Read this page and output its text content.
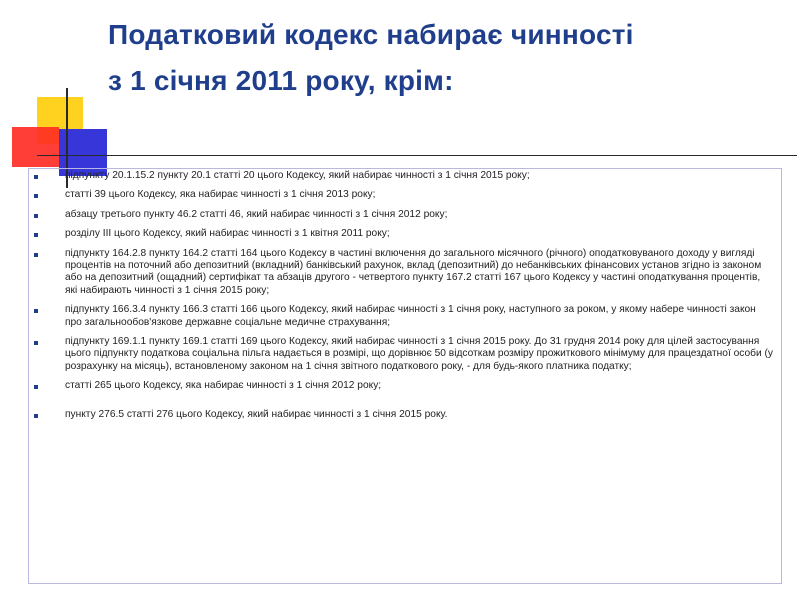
Податковий кодекс набирає чинності
з 1 січня 2011 року, крім:
підпункту 20.1.15.2 пункту 20.1 статті 20 цього Кодексу, який набирає чинності з 1 січня 2015 року;
статті 39 цього Кодексу, яка набирає чинності з 1 січня 2013 року;
абзацу третього пункту 46.2 статті 46, який набирає чинності з 1 січня 2012 року;
розділу III цього Кодексу, який набирає чинності з 1 квітня 2011 року;
підпункту 164.2.8 пункту 164.2 статті 164 цього Кодексу в частині включення до загального місячного (річного) оподатковуваного доходу у вигляді процентів на поточний або депозитний (вкладний) банківський рахунок, вклад (депозитний) до небанківських фінансових установ згідно із законом або на депозитний (ощадний) сертифікат та абзаців другого - четвертого пункту 167.2 статті 167 цього Кодексу у частині оподаткування процентів, які набирають чинності з 1 січня 2015 року;
підпункту 166.3.4 пункту 166.3 статті 166 цього Кодексу, який набирає чинності з 1 січня року, наступного за роком, у якому набере чинності закон про загальнообов'язкове державне соціальне медичне страхування;
підпункту 169.1.1 пункту 169.1 статті 169 цього Кодексу, який набирає чинності з 1 січня 2015 року. До 31 грудня 2014 року для цілей застосування цього підпункту податкова соціальна пільга надається в розмірі, що дорівнює 50 відсоткам розміру прожиткового мінімуму для працездатної особи (у розрахунку на місяць), встановленому законом на 1 січня звітного податкового року, - для будь-якого платника податку;
статті 265 цього Кодексу, яка набирає чинності з 1 січня 2012 року;
пункту 276.5 статті 276 цього Кодексу, який набирає чинності з 1 січня 2015 року.
